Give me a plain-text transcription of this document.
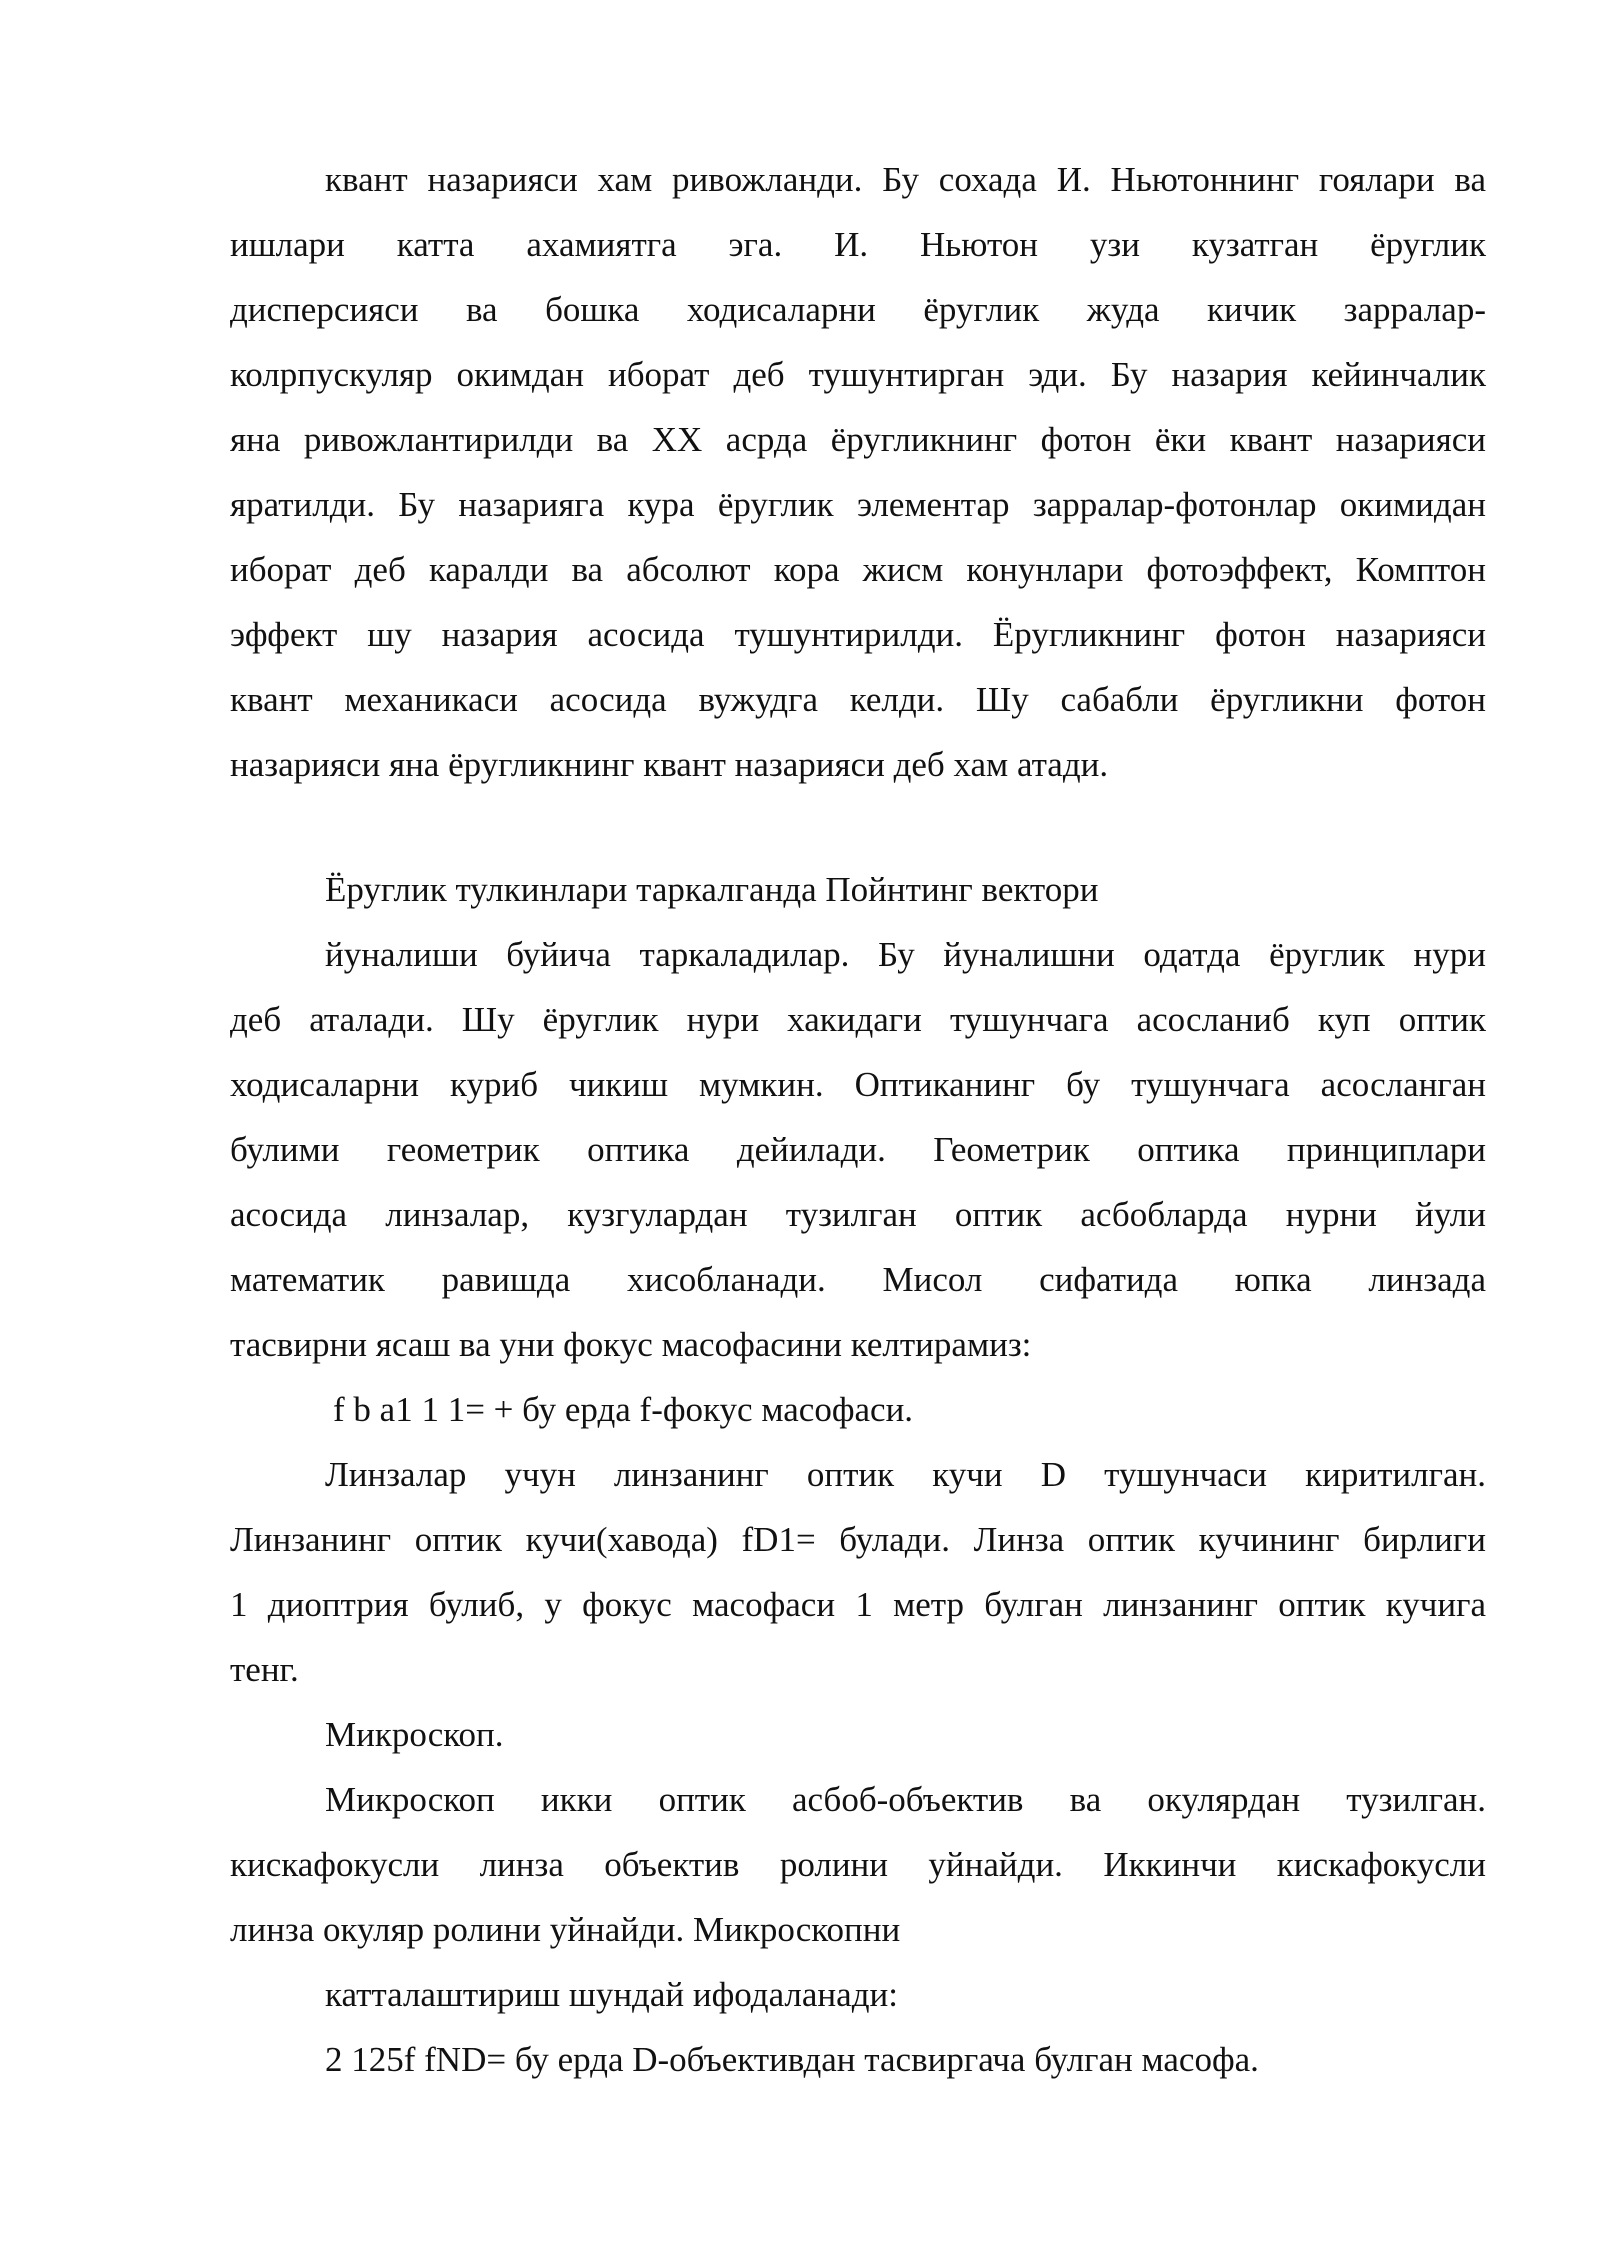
квант назарияси хам ривожланди. Бу сохада И. Ньютоннинг гоялари ва
ишлари катта ахамиятга эга. И. Ньютон узи кузатган ёруглик
дисперсияси ва бошка ходисаларни ёруглик жуда кичик зарралар-
колрпускуляр окимдан иборат деб тушунтирган эди. Бу назария кейинчалик
яна ривожлантирилди ва XX асрда ёругликнинг фотон ёки квант назарияси
яратилди. Бу назарияга кура ёруглик элементар зарралар-фотонлар окимидан
иборат деб каралди ва абсолют кора жисм конунлари фотоэффект, Комптон
эффект шу назария асосида тушунтирилди. Ёругликнинг фотон назарияси
квант механикаси асосида вужудга келди. Шу сабабли ёругликни фотон
назарияси яна ёругликнинг квант назарияси деб хам атади.
Ёруглик тулкинлари таркалганда Пойнтинг вектори
йуналиши буйича таркаладилар. Бу йуналишни одатда ёруглик нури
деб аталади. Шу ёруглик нури хакидаги тушунчага асосланиб куп оптик
ходисаларни куриб чикиш мумкин. Оптиканинг бу тушунчага асосланган
булими геометрик оптика дейилади. Геометрик оптика принциплари
асосида линзалар, кузгулардан тузилган оптик асбобларда нурни йули
математик равишда хисобланади. Мисол сифатида юпка линзада
тасвирни ясаш ва уни фокус масофасини келтирамиз:
f b a1 1 1= + бу ерда f-фокус масофаси.
Линзалар учун линзанинг оптик кучи D тушунчаси киритилган.
Линзанинг оптик кучи(хавода) fD1= булади. Линза оптик кучининг бирлиги
1 диоптрия булиб, у фокус масофаси 1 метр булган линзанинг оптик кучига
тенг.
Микроскоп.
Микроскоп икки оптик асбоб-объектив ва окулярдан тузилган.
кискафокусли линза объектив ролини уйнайди. Иккинчи кискафокусли
линза окуляр ролини уйнайди. Микроскопни
катталаштириш шундай ифодаланади:
2 125f fND= бу ерда D-объективдан тасвиргача булган масофа.
